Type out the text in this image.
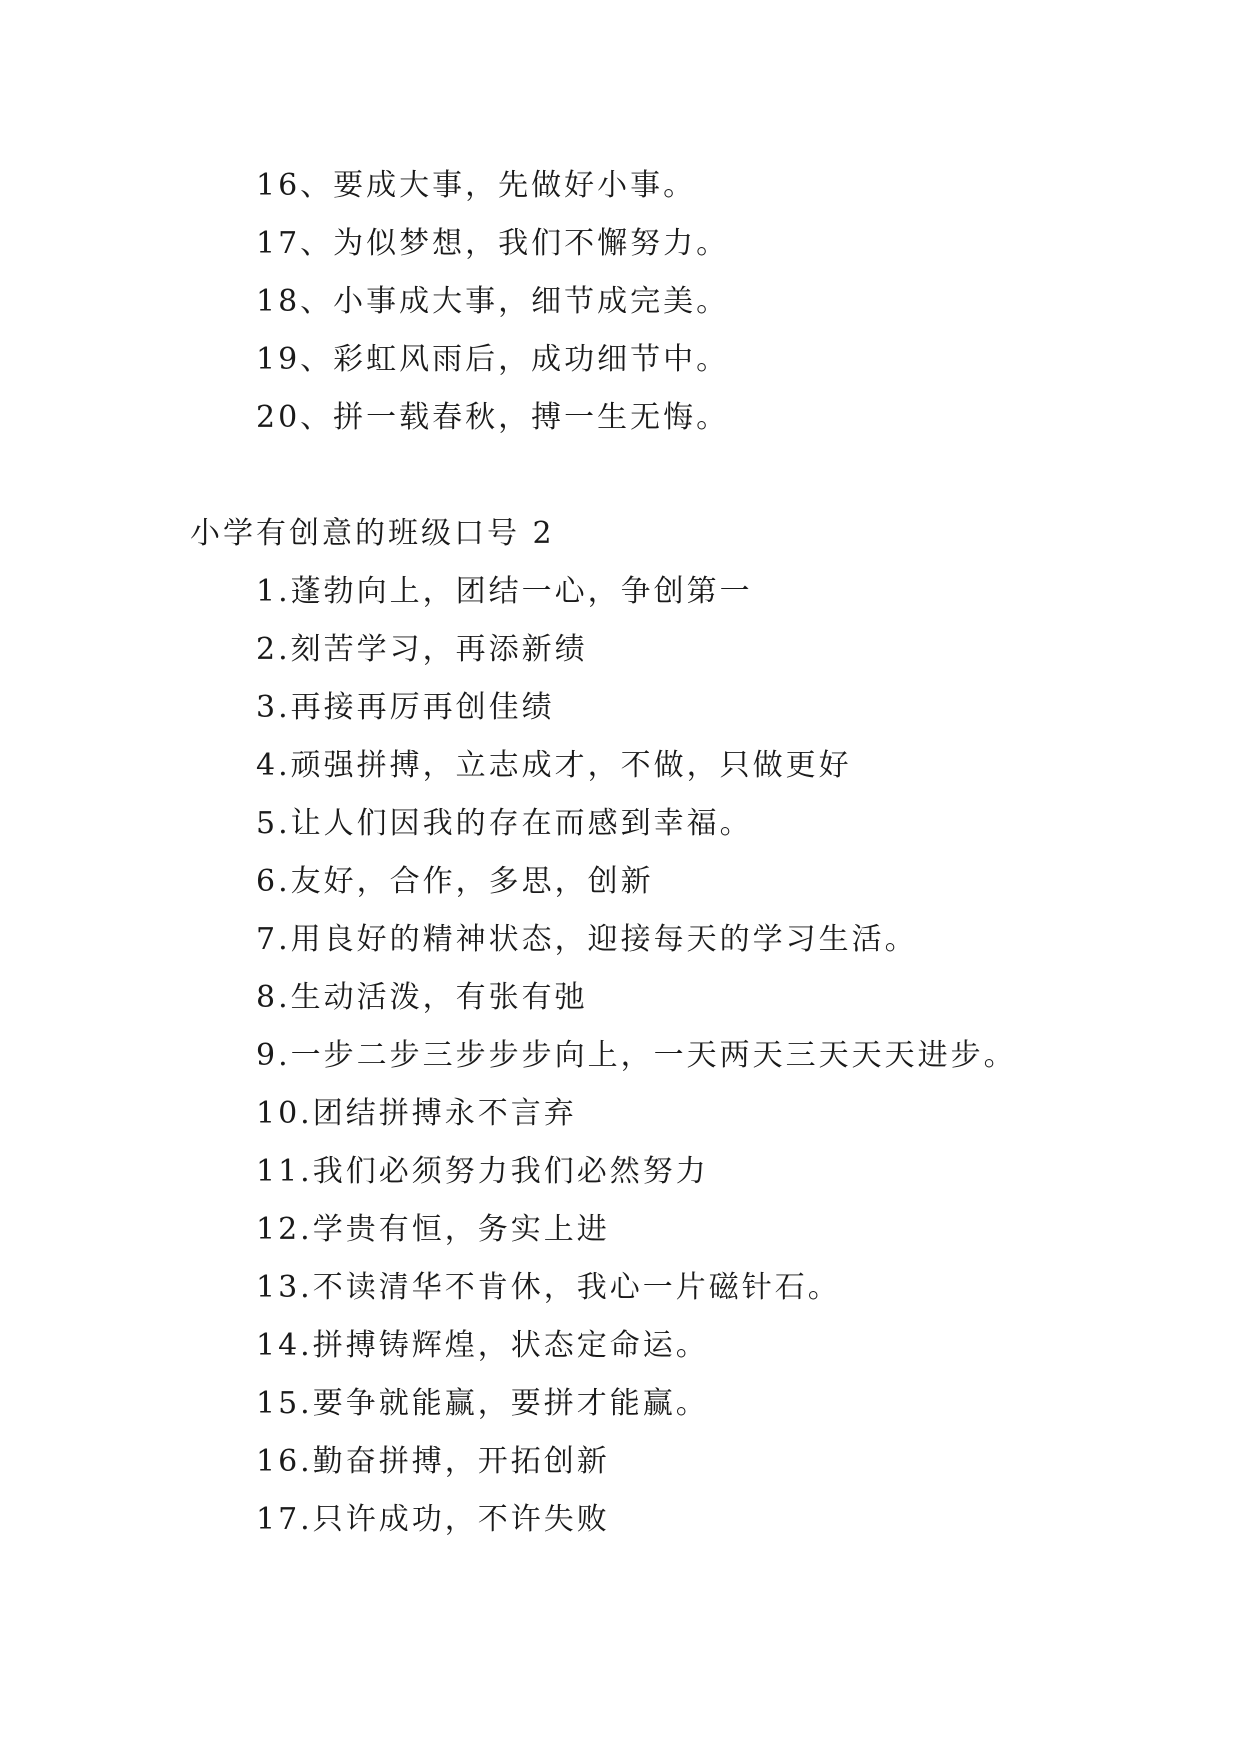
16、要成大事，先做好小事。
17、为似梦想，我们不懈努力。
18、小事成大事，细节成完美。
19、彩虹风雨后，成功细节中。
20、拼一载春秋，搏一生无悔。
小学有创意的班级口号 2
1.蓬勃向上，团结一心，争创第一
2.刻苦学习，再添新绩
3.再接再厉再创佳绩
4.顽强拼搏，立志成才，不做，只做更好
5.让人们因我的存在而感到幸福。
6.友好，合作，多思，创新
7.用良好的精神状态，迎接每天的学习生活。
8.生动活泼，有张有弛
9.一步二步三步步步向上，一天两天三天天天进步。
10.团结拼搏永不言弃
11.我们必须努力我们必然努力
12.学贵有恒，务实上进
13.不读清华不肯休，我心一片磁针石。
14.拼搏铸辉煌，状态定命运。
15.要争就能赢，要拼才能赢。
16.勤奋拼搏，开拓创新
17.只许成功，不许失败
